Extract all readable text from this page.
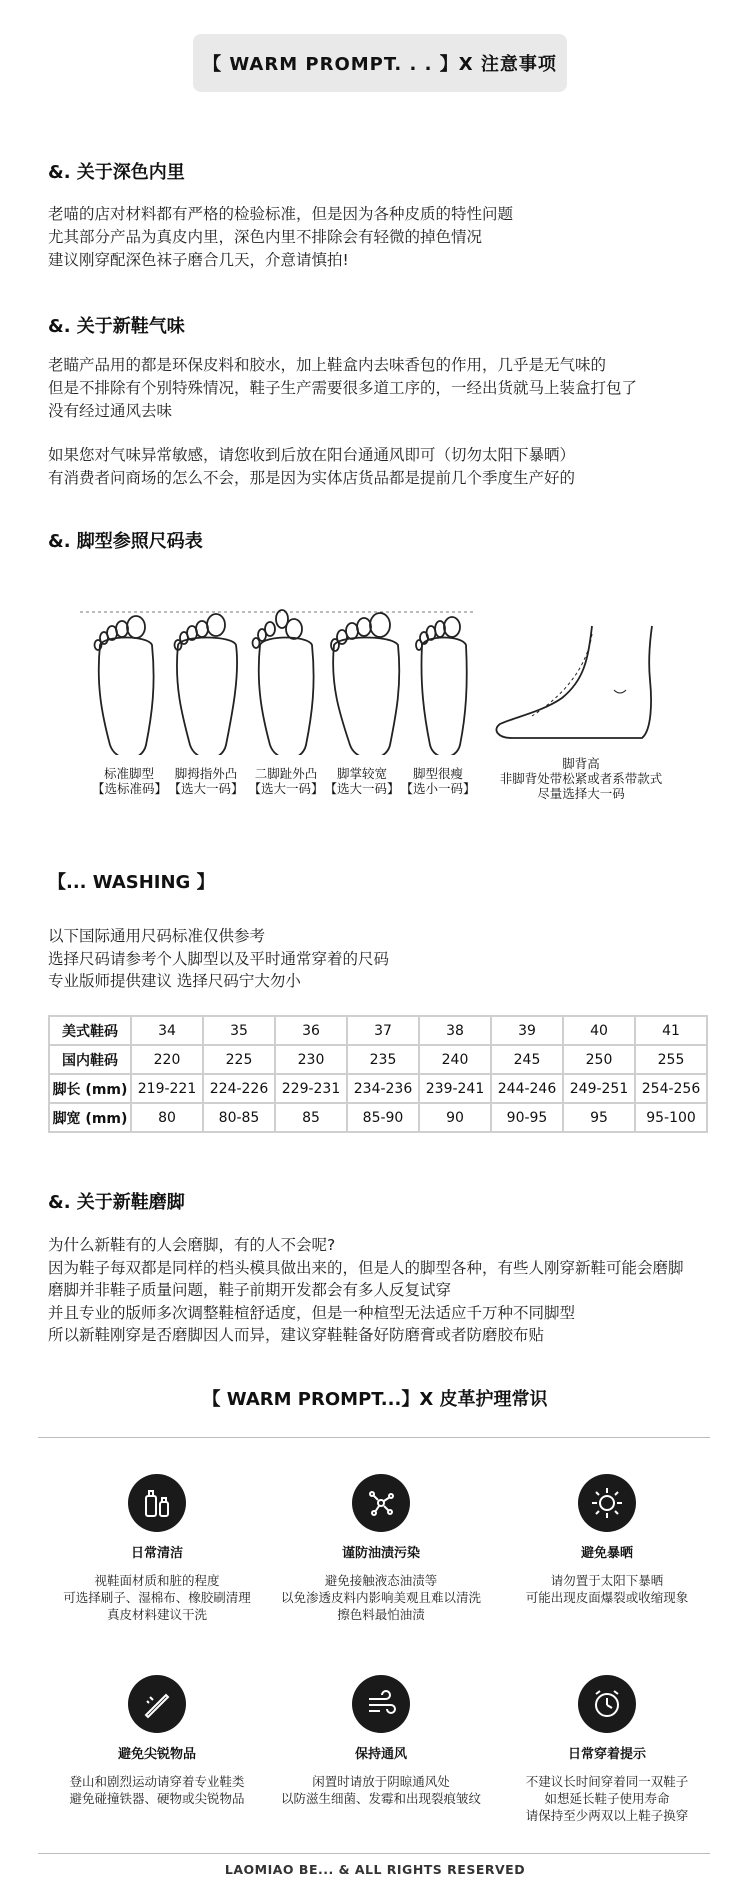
【 WARM PROMPT. . . 】X 注意事项
&. 关于深色内里
老喵的店对材料都有严格的检验标准，但是因为各种皮质的特性问题
尤其部分产品为真皮内里，深色内里不排除会有轻微的掉色情况
建议刚穿配深色袜子磨合几天，介意请慎拍!
&. 关于新鞋气味
老瞄产品用的都是环保皮料和胶水，加上鞋盒内去味香包的作用，几乎是无气味的
但是不排除有个别特殊情况，鞋子生产需要很多道工序的，一经出货就马上装盒打包了
没有经过通风去味
如果您对气味异常敏感，请您收到后放在阳台通通风即可（切勿太阳下暴晒）
有消费者问商场的怎么不会，那是因为实体店货品都是提前几个季度生产好的
&. 脚型参照尺码表
标准脚型
【选标准码】
脚拇指外凸
【选大一码】
二脚趾外凸
【选大一码】
脚掌较宽
【选大一码】
脚型很瘦
【选小一码】
脚背高
非脚背处带松紧或者系带款式
尽量选择大一码
【... WASHING 】
以下国际通用尺码标准仅供参考
选择尺码请参考个人脚型以及平时通常穿着的尺码
专业版师提供建议 选择尺码宁大勿小
美式鞋码	34	35	36	37	38	39	40	41
国内鞋码	220	225	230	235	240	245	250	255
脚长 (mm)	219-221	224-226	229-231	234-236	239-241	244-246	249-251	254-256
脚宽 (mm)	80	80-85	85	85-90	90	90-95	95	95-100
&. 关于新鞋磨脚
为什么新鞋有的人会磨脚，有的人不会呢?
因为鞋子每双都是同样的档头模具做出来的，但是人的脚型各种，有些人刚穿新鞋可能会磨脚
磨脚并非鞋子质量问题，鞋子前期开发都会有多人反复试穿
并且专业的版师多次调整鞋楦舒适度，但是一种楦型无法适应千万种不同脚型
所以新鞋刚穿是否磨脚因人而异，建议穿鞋鞋备好防磨膏或者防磨胶布贴
【 WARM PROMPT...】X 皮革护理常识
日常清洁
视鞋面材质和脏的程度
可选择刷子、湿棉布、橡胶刷清理
真皮材料建议干洗
谨防油渍污染
避免接触液态油渍等
以免渗透皮料内影响美观且难以清洗
擦色料最怕油渍
避免暴晒
请勿置于太阳下暴晒
可能出现皮面爆裂或收缩现象
避免尖锐物品
登山和剧烈运动请穿着专业鞋类
避免碰撞铁器、硬物或尖锐物品
保持通风
闲置时请放于阴晾通风处
以防滋生细菌、发霉和出现裂痕皱纹
日常穿着提示
不建议长时间穿着同一双鞋子
如想延长鞋子使用寿命
请保持至少两双以上鞋子换穿
LAOMIAO BE... & ALL RIGHTS RESERVED
